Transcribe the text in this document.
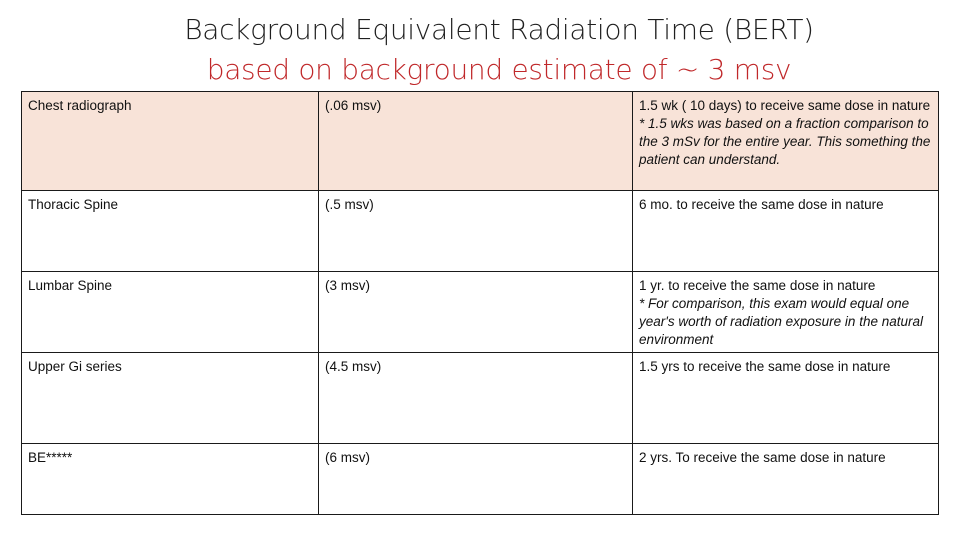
Background Equivalent Radiation Time (BERT)
based on background estimate of ~ 3 msv
Chest radiograph	(.06 msv)	1.5 wk ( 10 days) to receive same dose in nature
* 1.5 wks was based on a fraction comparison to the 3 mSv for the entire year. This something the patient can understand.

Thoracic Spine	(.5 msv)	6 mo. to receive the same dose in nature
Lumbar Spine	(3 msv)	1 yr. to receive the same dose in nature
* For comparison, this exam would equal one year's worth of radiation exposure in the natural environment

Upper Gi series	(4.5 msv)	1.5 yrs to receive the same dose in nature
BE*****	(6 msv)	2 yrs. To receive the same dose in nature
